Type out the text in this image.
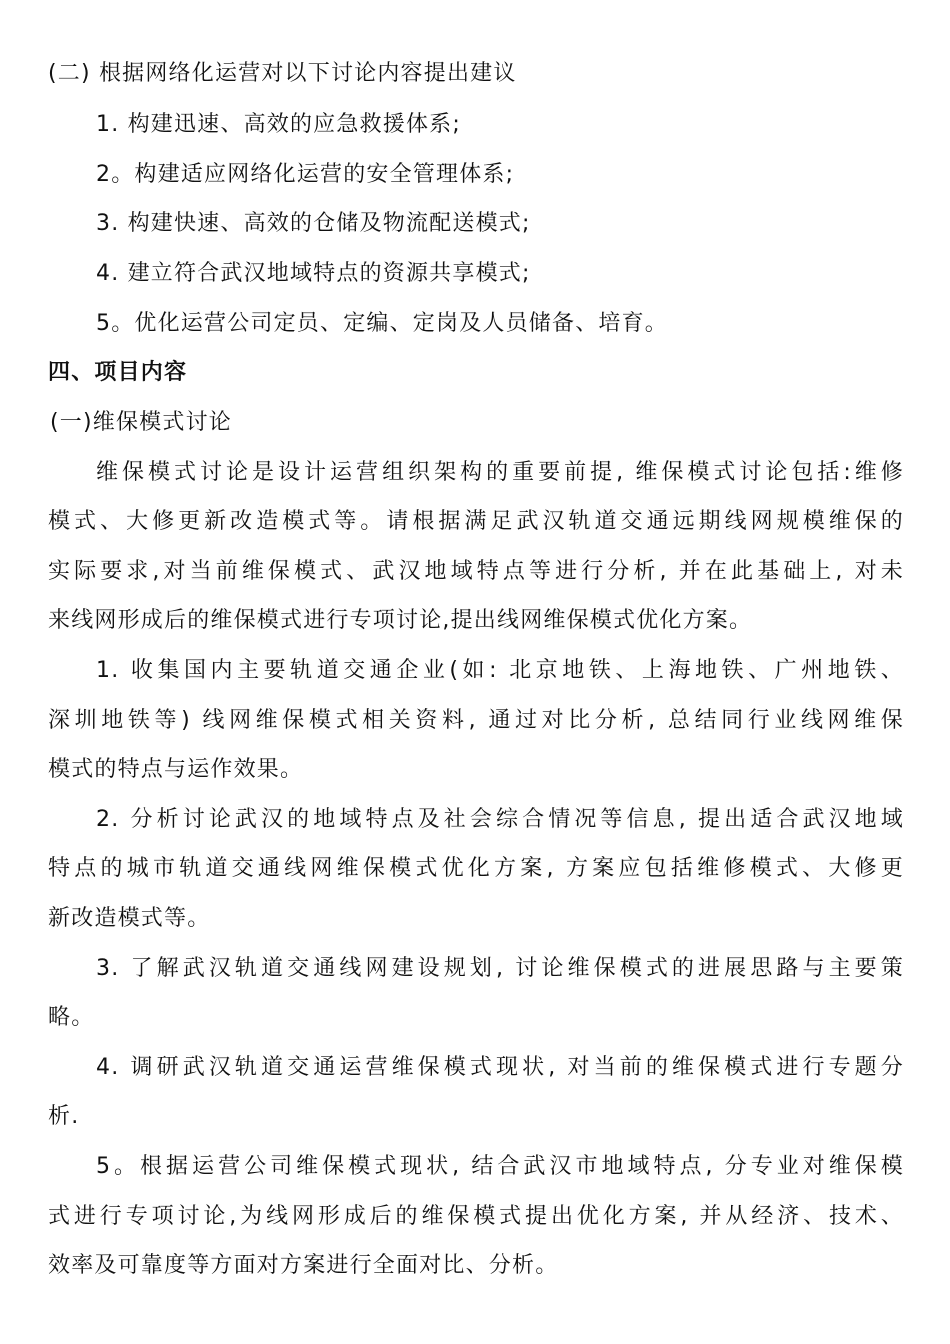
(二) 根据网络化运营对以下讨论内容提出建议
1. 构建迅速、高效的应急救援体系;
2。构建适应网络化运营的安全管理体系;
3. 构建快速、高效的仓储及物流配送模式;
4. 建立符合武汉地域特点的资源共享模式;
5。优化运营公司定员、定编、定岗及人员储备、培育。
四、项目内容
(一)维保模式讨论
维保模式讨论是设计运营组织架构的重要前提, 维保模式讨论包括:维修
模式、大修更新改造模式等。请根据满足武汉轨道交通远期线网规模维保的
实际要求,对当前维保模式、武汉地域特点等进行分析, 并在此基础上, 对未
来线网形成后的维保模式进行专项讨论,提出线网维保模式优化方案。
1. 收集国内主要轨道交通企业(如: 北京地铁、上海地铁、广州地铁、
深圳地铁等) 线网维保模式相关资料, 通过对比分析, 总结同行业线网维保
模式的特点与运作效果。
2. 分析讨论武汉的地域特点及社会综合情况等信息, 提出适合武汉地域
特点的城市轨道交通线网维保模式优化方案, 方案应包括维修模式、大修更
新改造模式等。
3. 了解武汉轨道交通线网建设规划, 讨论维保模式的进展思路与主要策
略。
4. 调研武汉轨道交通运营维保模式现状, 对当前的维保模式进行专题分
析.
5。根据运营公司维保模式现状, 结合武汉市地域特点, 分专业对维保模
式进行专项讨论,为线网形成后的维保模式提出优化方案, 并从经济、技术、
效率及可靠度等方面对方案进行全面对比、分析。
